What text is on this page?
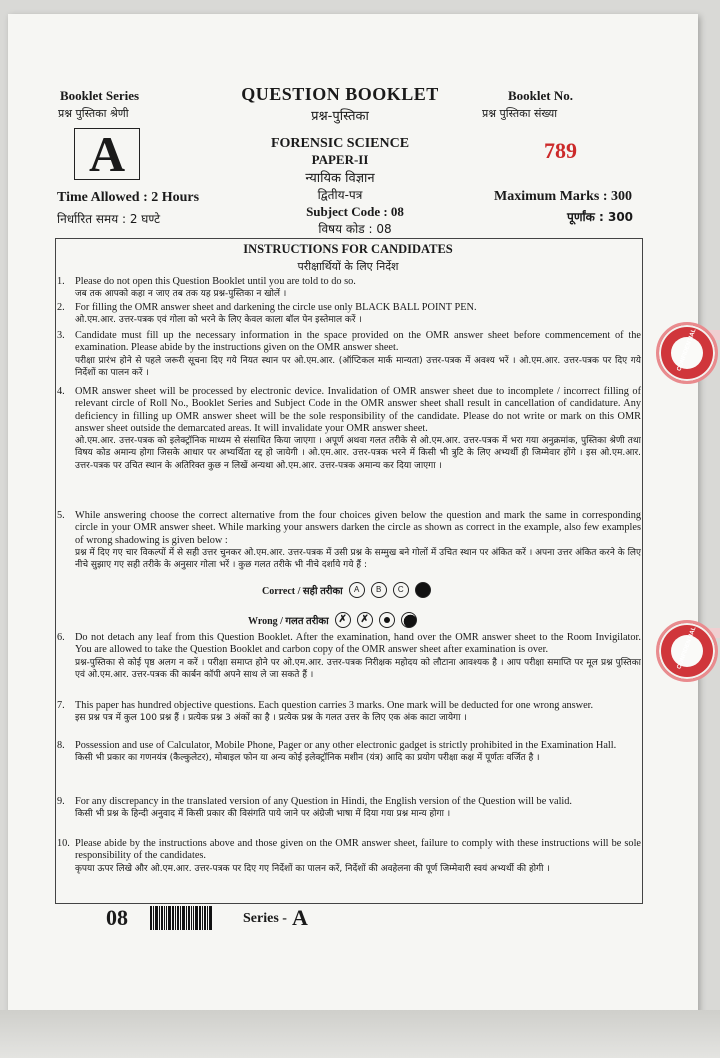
Booklet Series
प्रश्न पुस्तिका श्रेणी
A
QUESTION BOOKLET
प्रश्न-पुस्तिका
FORENSIC SCIENCE
PAPER-II
न्यायिक विज्ञान
द्वितीय-पत्र
Booklet No.
प्रश्न पुस्तिका संख्या
789
Time Allowed : 2 Hours
निर्धारित समय : 2 घण्टे	Subject Code : 08
विषय कोड : 08
Maximum Marks : 300
पूर्णांक : 300
INSTRUCTIONS FOR CANDIDATES
परीक्षार्थियों के लिए निर्देश
1. Please do not open this Question Booklet until you are told to do so.
जब तक आपको कहा न जाए तब तक यह प्रश्न-पुस्तिका न खोलें ।
2. For filling the OMR answer sheet and darkening the circle use only BLACK BALL POINT PEN.
ओ.एम.आर. उत्तर-पत्रक एवं गोला को भरने के लिए केवल काला बॉल पेन इस्तेमाल करें ।
3. Candidate must fill up the necessary information in the space provided on the OMR answer sheet before commencement of the examination. Please abide by the instructions given on the OMR answer sheet.
परीक्षा प्रारंभ होने से पहले जरूरी सूचना दिए गये नियत स्थान पर ओ.एम.आर. (ऑप्टिकल मार्क मान्यता) उत्तर-पत्रक में अवश्य भरें । ओ.एम.आर. उत्तर-पत्रक पर दिए गये निर्देशों का पालन करें ।
4. OMR answer sheet will be processed by electronic device. Invalidation of OMR answer sheet due to incomplete / incorrect filling of relevant circle of Roll No., Booklet Series and Subject Code in the OMR answer sheet shall result in cancellation of candidature. Any deficiency in filling up OMR answer sheet will be the sole responsibility of the candidate. Please do not write or mark on this OMR answer sheet outside the demarcated areas. It will invalidate your OMR answer sheet.
ओ.एम.आर. उत्तर-पत्रक को इलेक्ट्रॉनिक माध्यम से संसाधित किया जाएगा । अपूर्ण अथवा गलत तरीके से ओ.एम.आर. उत्तर-पत्रक में भरा गया अनुक्रमांक, पुस्तिका श्रेणी तथा विषय कोड अमान्य होगा जिसके आधार पर अभ्यर्थिता रद्द हो जायेगी । ओ.एम.आर. उत्तर-पत्रक भरने में किसी भी त्रुटि के लिए अभ्यर्थी ही जिम्मेवार होंगे । इस ओ.एम.आर. उत्तर-पत्रक पर उचित स्थान के अतिरिक्त कुछ न लिखें अन्यथा ओ.एम.आर. उत्तर-पत्रक अमान्य कर दिया जाएगा ।
5. While answering choose the correct alternative from the four choices given below the question and mark the same in corresponding circle in your OMR answer sheet. While marking your answers darken the circle as shown as correct in the example, also few examples of wrong shadowing is given below :
प्रश्न में दिए गए चार विकल्पों में से सही उत्तर चुनकर ओ.एम.आर. उत्तर-पत्रक में उसी प्रश्न के सम्मुख बने गोलों में उचित स्थान पर अंकित करें । अपना उत्तर अंकित करने के लिए नीचे सुझाए गए सही तरीके के अनुसार गोला भरें । कुछ गलत तरीके भी नीचे दर्शाये गये हैं :
Correct / सही तरीका	A	B	C
Wrong / गलत तरीका ✗	✗
6. Do not detach any leaf from this Question Booklet. After the examination, hand over the OMR answer sheet to the Room Invigilator. You are allowed to take the Question Booklet and carbon copy of the OMR answer sheet after examination is over.
प्रश्न-पुस्तिका से कोई पृष्ठ अलग न करें । परीक्षा समाप्त होने पर ओ.एम.आर. उत्तर-पत्रक निरीक्षक महोदय को लौटाना आवश्यक है । आप परीक्षा समाप्ति पर मूल प्रश्न पुस्तिका एवं ओ.एम.आर. उत्तर-पत्रक की कार्बन कॉपी अपने साथ ले जा सकते हैं ।
7. This paper has hundred objective questions. Each question carries 3 marks. One mark will be deducted for one wrong answer.
इस प्रश्न पत्र में कुल 100 प्रश्न हैं । प्रत्येक प्रश्न 3 अंकों का है । प्रत्येक प्रश्न के गलत उत्तर के लिए एक अंक काटा जायेगा ।
8. Possession and use of Calculator, Mobile Phone, Pager or any other electronic gadget is strictly prohibited in the Examination Hall.
किसी भी प्रकार का गणनयंत्र (कैल्कुलेटर), मोबाइल फोन या अन्य कोई इलेक्ट्रॉनिक मशीन (यंत्र) आदि का प्रयोग परीक्षा कक्ष में पूर्णतः वर्जित है ।
9. For any discrepancy in the translated version of any Question in Hindi, the English version of the Question will be valid.
किसी भी प्रश्न के हिन्दी अनुवाद में किसी प्रकार की विसंगति पाये जाने पर अंग्रेजी भाषा में दिया गया प्रश्न मान्य होगा ।
10. Please abide by the instructions above and those given on the OMR answer sheet, failure to comply with these instructions will be sole responsibility of the candidates.
कृपया ऊपर लिखे और ओ.एम.आर. उत्तर-पत्रक पर दिए गए निर्देशों का पालन करें, निर्देशों की अवहेलना की पूर्ण जिम्मेवारी स्वयं अभ्यर्थी की होगी ।
08	Series - A
CONFIDENTIAL
CONFIDENTIAL
